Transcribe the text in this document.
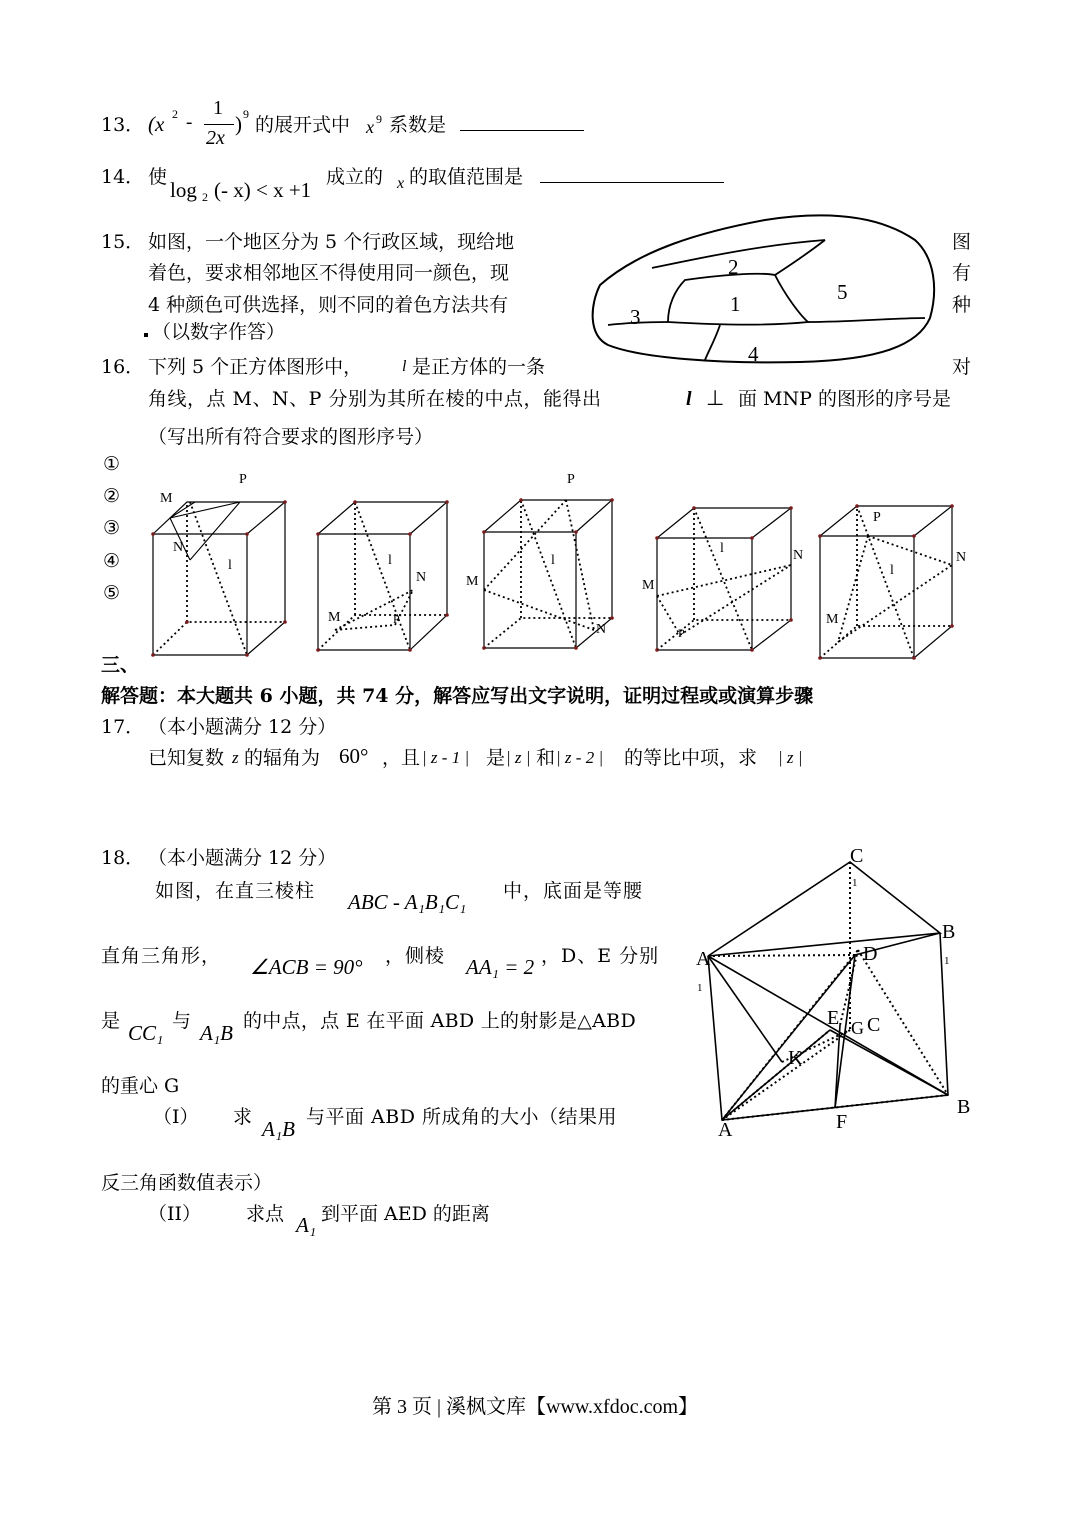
13． (x 2 -
1
2x
) 9 的展开式中 x 9 系数是
14． 使
log 2 (- x) < x +1
成立的 x 的取值范围是
15． 如图，一个地区分为 5 个行政区域，现给地	图
着色，要求相邻地区不得使用同一颜色，现	有
4 种颜色可供选择，则不同的着色方法共有	种
（以数字作答）
2
1	5
3
4
16． 下列 5 个正方体图形中， l 是正方体的一条	对
角线，点 M、N、P 分别为其所在棱的中点，能得出	l ⊥ 面 MNP 的图形的序号是
（写出所有符合要求的图形序号）
①
②
③
④
⑤
M
P
N
l	l
N
M	P
P
l
M
N
l	N
M
P
P
l
N
M
三、
解答题：本大题共 6 小题，共 74 分，解答应写出文字说明，证明过程或或演算步骤
17． （本小题满分 12 分）
已知复数 z 的辐角为 60° ，且 | z - 1 | 是 | z | 和 | z - 2 | 的等比中项，求 | z |
18． （本小题满分 12 分）
如图，在直三棱柱 ABC - A₁B₁C₁ 中，底面是等腰
直角三角形， ∠ACB = 90° ，侧棱 AA₁ = 2 ，D、E 分别
是 CC₁ 与 A₁B 的中点，点 E 在平面 ABD 上的射影是△ABD
的重心 G
（I） 求 A₁B 与平面 ABD 所成角的大小（结果用
反三角函数值表示）
（II） 求点 A₁ 到平面 AED 的距离
C
1
B
1
A
1
D
E G C
K
B
A	F
第 3 页 | 溪枫文库【www.xfdoc.com】
